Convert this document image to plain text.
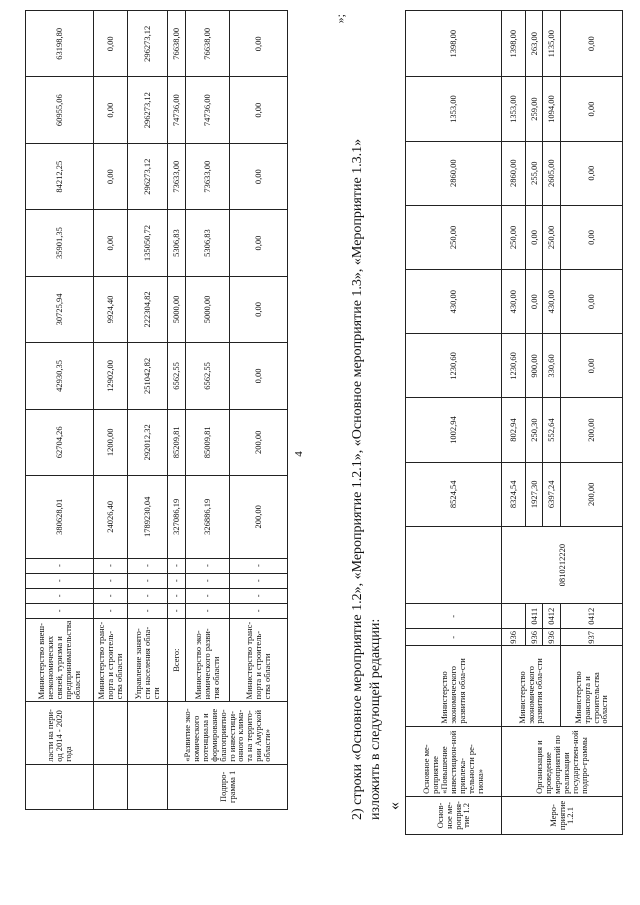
4
	ласти на пери-од 2014 - 2020 года	Министерство внеш-неэкономических связей, туризма и предпринимательства области	-	-	-	-	380628,01	62704,26	42930,35	30725,94	35901,35	84212,25	60955,06	63198,80
		Министерство транс-порта и строитель-ства области	-	-	-	-	24026,40	1200,00	12902,00	9924,40	0,00	0,00	0,00	0,00
		Управление занято-сти населения обла-сти	-	-	-	-	1789230,04	292012,32	251042,82	222304,82	135050,72	296273,12	296273,12	296273,12
Подпро-грамма 1	«Развитие эко-номического потенциала и формирование благоприятно-го инвестици-онного клима-та на террито-рии Амурской области»	Всего:	-	-	-	-	327086,19	85209,81	6562,55	5000,00	5306,83	73633,00	74736,00	76638,00
		Министерство эко-номического разви-тия области	-	-	-	-	326886,19	85009,81	6562,55	5000,00	5306,83	73633,00	74736,00	76638,00
		Министерство транс-порта и строитель-ства области	-	-	-	-	200,00	200,00	0,00	0,00	0,00	0,00	0,00	0,00
»;
2) строки «Основное мероприятие 1.2», «Мероприятие 1.2.1», «Основное мероприятие 1.3», «Мероприятие 1.3.1» изложить в следующей редакции: «	Основ-ное ме-роприя-тие 1.2	Основное ме-роприятие «Повышение инвестицион-ной привлека-тельности ре-гиона»	Министерство экономического развития обла-сти	-	-		8524,54	1002,94	1230,60	430,00	250,00	2860,00	1353,00	1398,00
Меро-приятие 1.2.1	Организация и проведение мероприятий по реализации государствен-ной подпро-граммы	Министерство экономического развития обла-сти	936		0810212220	8324,54	802,94	1230,60	430,00	250,00	2860,00	1353,00	1398,00
			936	0411		1927,30	250,30	900,00	0,00	0,00	255,00	259,00	263,00
			936	0412		6397,24	552,64	330,60	430,00	250,00	2605,00	1094,00	1135,00
		Министерство транспорта и строительства области	937	0412		200,00	200,00	0,00	0,00	0,00	0,00	0,00	0,00
